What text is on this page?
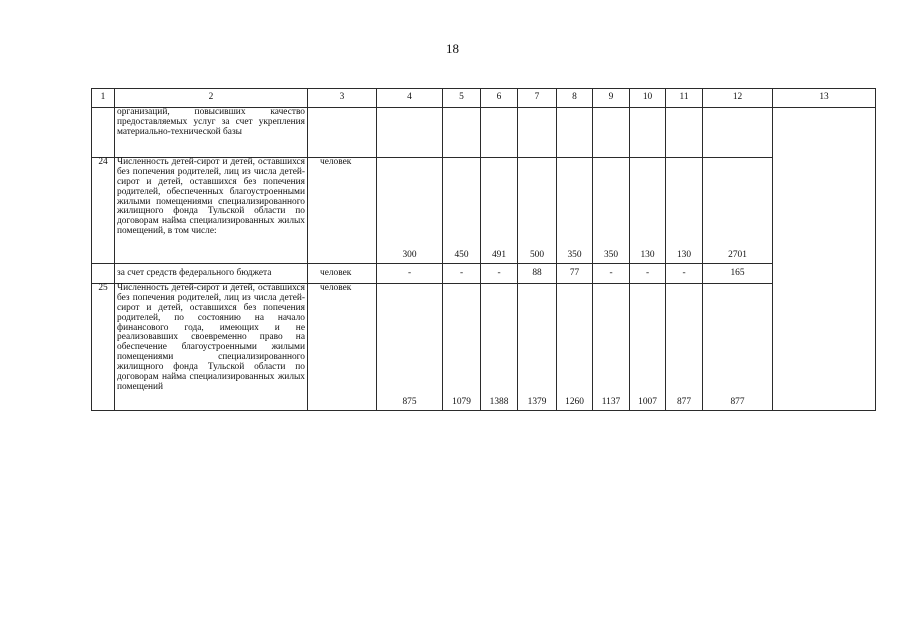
18
1	2	3	4	5	6	7	8	9	10	11	12	13
	организаций, повысивших качество предоставляемых услуг за счет укрепления материально-технической базы											
24	Численность детей-сирот и детей, оставшихся без попечения родителей, лиц из числа детей-сирот и детей, оставшихся без попечения родителей, обеспеченных благоустроенными жилыми помещениями специализированного жилищного фонда Тульской области по договорам найма специализированных жилых помещений, в том числе:	человек	300	450	491	500	350	350	130	130	2701	
	за счет средств федерального бюджета	человек	-	-	-	88	77	-	-	-	165	
25	Численность детей-сирот и детей, оставшихся без попечения родителей, лиц из числа детей-сирот и детей, оставшихся без попечения родителей, по состоянию на начало финансового года, имеющих и не реализовавших своевременно право на обеспечение благоустроенными жилыми помещениями специализированного жилищного фонда Тульской области по договорам найма специализированных жилых помещений	человек	875	1079	1388	1379	1260	1137	1007	877	877	
